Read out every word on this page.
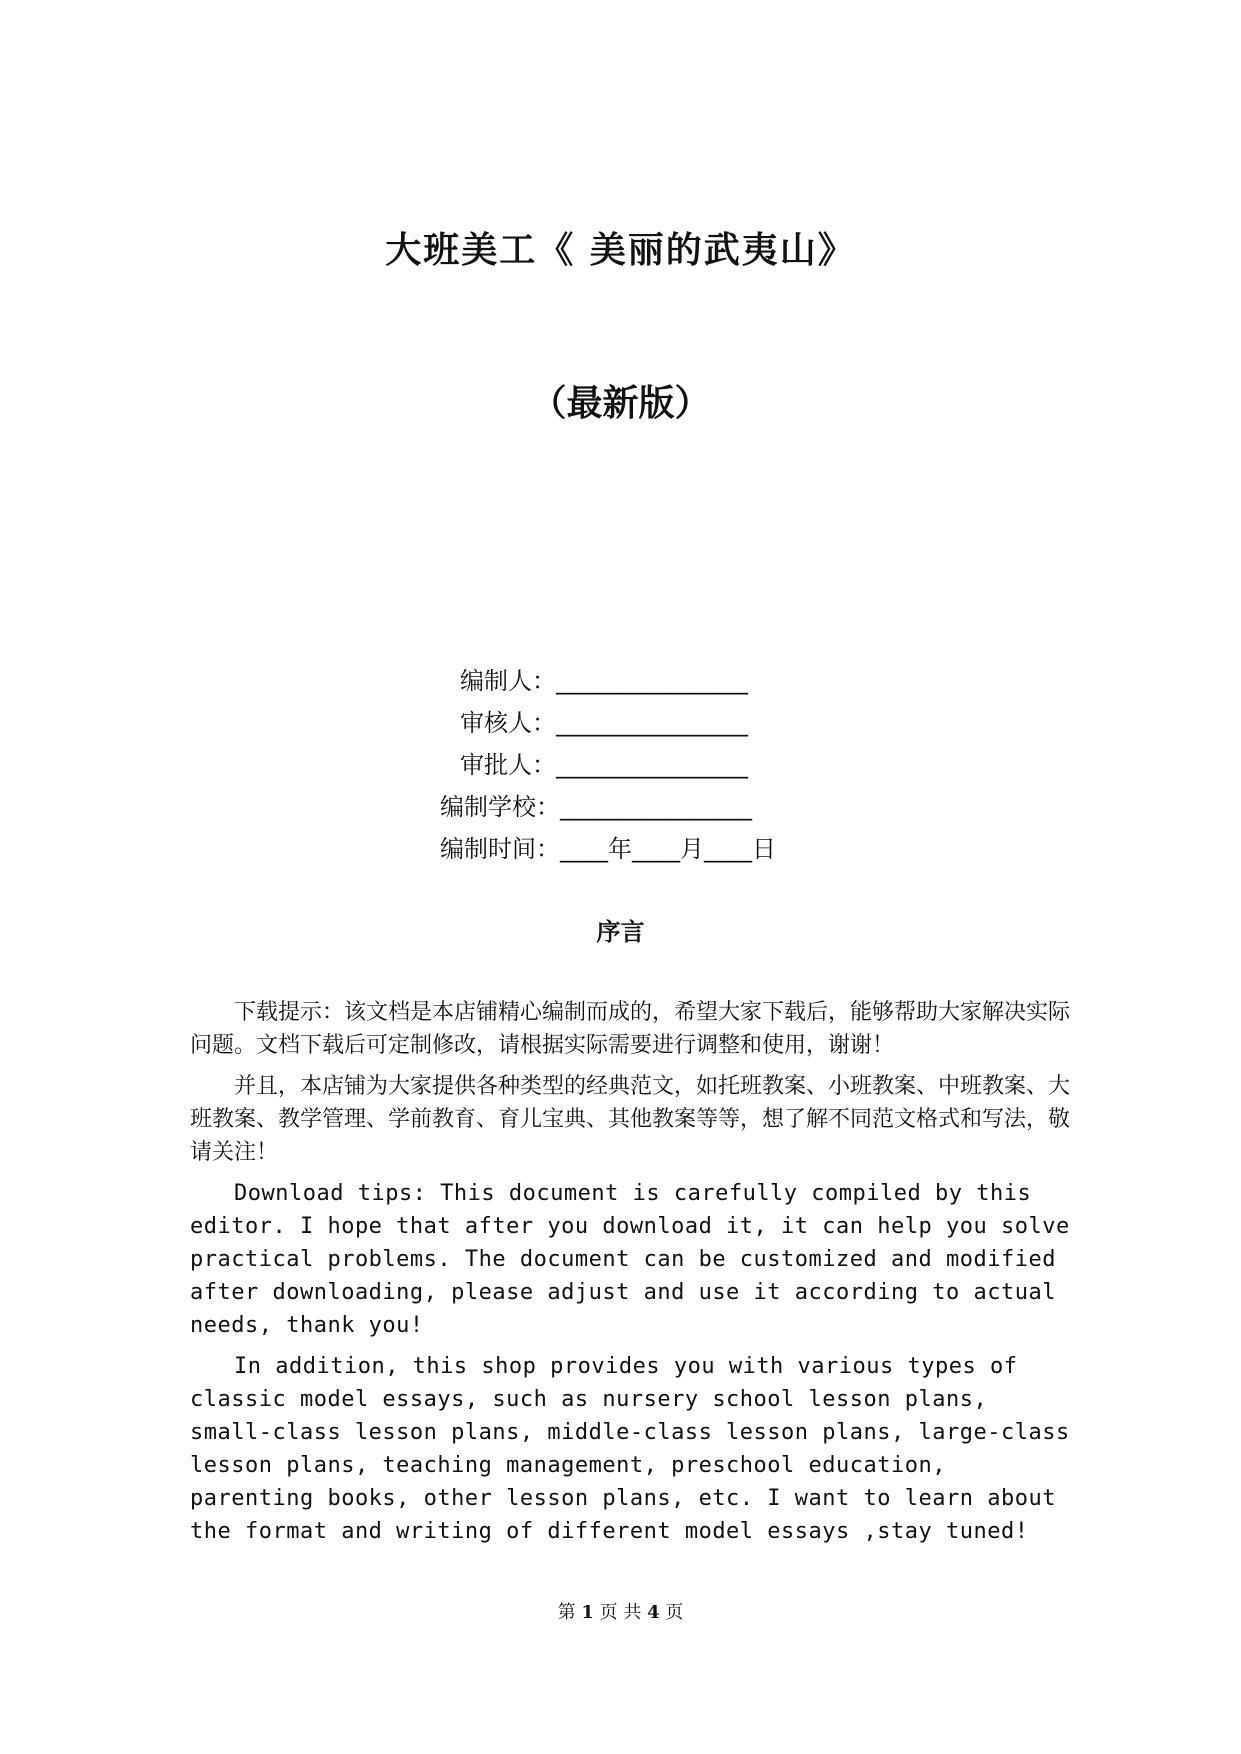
大班美工《 美丽的武夷山》
（最新版）
编制人：________________
审核人：________________
审批人：________________
编制学校：________________
编制时间：____年____月____日
序言

下载提示：该文档是本店铺精心编制而成的，希望大家下载后，能够帮助大家解决实际问题。文档下载后可定制修改，请根据实际需要进行调整和使用，谢谢！

并且，本店铺为大家提供各种类型的经典范文，如托班教案、小班教案、中班教案、大班教案、教学管理、学前教育、育儿宝典、其他教案等等，想了解不同范文格式和写法，敬请关注！

Download tips: This document is carefully compiled by this editor. I hope that after you download it, it can help you solve practical problems. The document can be customized and modified after downloading, please adjust and use it according to actual needs, thank you!

In addition, this shop provides you with various types of classic model essays, such as nursery school lesson plans, small-class lesson plans, middle-class lesson plans, large-class lesson plans, teaching management, preschool education, parenting books, other lesson plans, etc. I want to learn about the format and writing of different model essays ,stay tuned!

第 1 页 共 4 页
